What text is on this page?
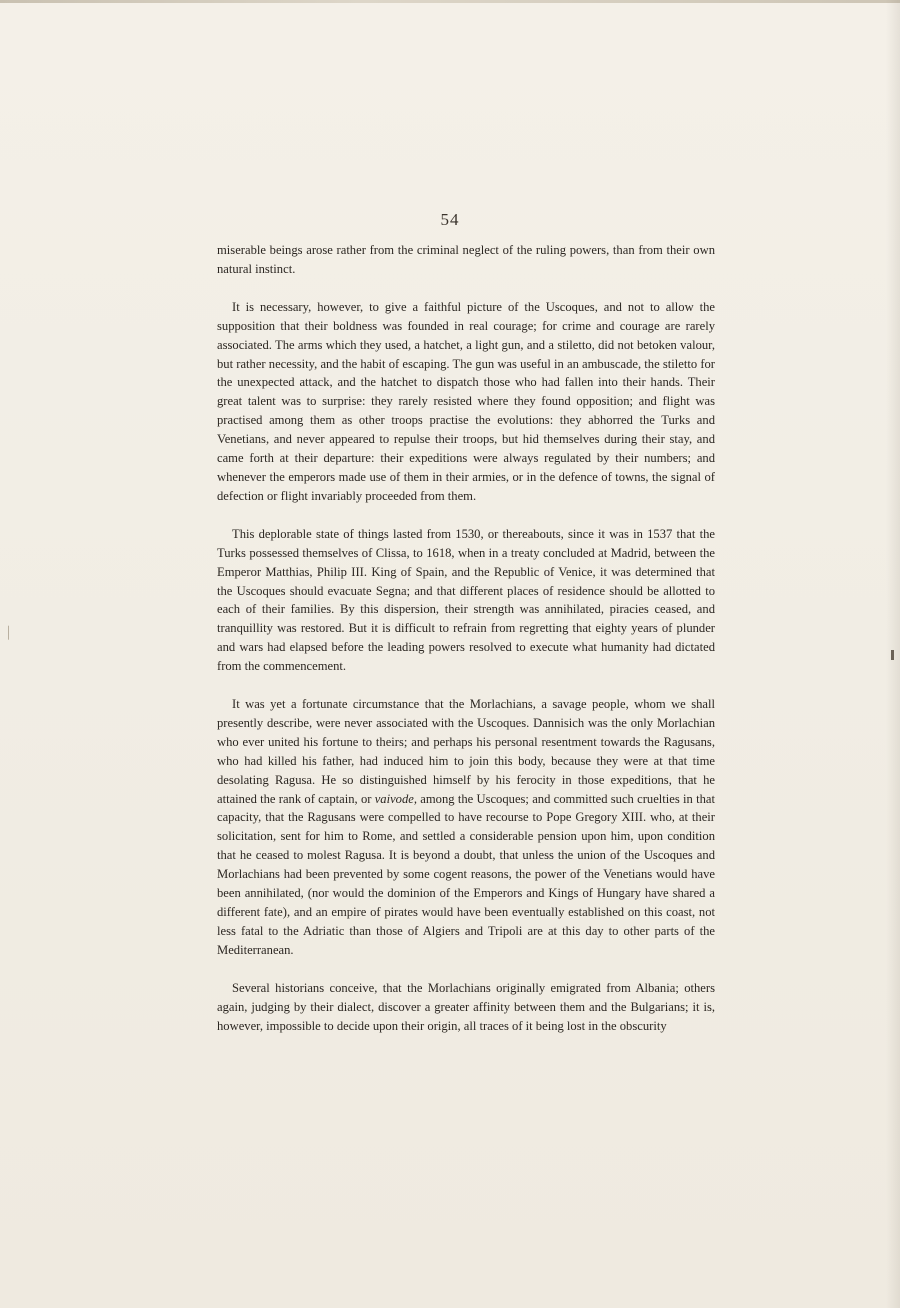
54

miserable beings arose rather from the criminal neglect of the ruling powers, than from their own natural instinct.

It is necessary, however, to give a faithful picture of the Uscoques, and not to allow the supposition that their boldness was founded in real courage; for crime and courage are rarely associated. The arms which they used, a hatchet, a light gun, and a stiletto, did not betoken valour, but rather necessity, and the habit of escaping. The gun was useful in an ambuscade, the stiletto for the unexpected attack, and the hatchet to dispatch those who had fallen into their hands. Their great talent was to surprise: they rarely resisted where they found opposition; and flight was practised among them as other troops practise the evolutions: they abhorred the Turks and Venetians, and never appeared to repulse their troops, but hid themselves during their stay, and came forth at their departure: their expeditions were always regulated by their numbers; and whenever the emperors made use of them in their armies, or in the defence of towns, the signal of defection or flight invariably proceeded from them.

This deplorable state of things lasted from 1530, or thereabouts, since it was in 1537 that the Turks possessed themselves of Clissa, to 1618, when in a treaty concluded at Madrid, between the Emperor Matthias, Philip III. King of Spain, and the Republic of Venice, it was determined that the Uscoques should evacuate Segna; and that different places of residence should be allotted to each of their families. By this dispersion, their strength was annihilated, piracies ceased, and tranquillity was restored. But it is difficult to refrain from regretting that eighty years of plunder and wars had elapsed before the leading powers resolved to execute what humanity had dictated from the commencement.

It was yet a fortunate circumstance that the Morlachians, a savage people, whom we shall presently describe, were never associated with the Uscoques. Dannisich was the only Morlachian who ever united his fortune to theirs; and perhaps his personal resentment towards the Ragusans, who had killed his father, had induced him to join this body, because they were at that time desolating Ragusa. He so distinguished himself by his ferocity in those expeditions, that he attained the rank of captain, or vaivode, among the Uscoques; and committed such cruelties in that capacity, that the Ragusans were compelled to have recourse to Pope Gregory XIII. who, at their solicitation, sent for him to Rome, and settled a considerable pension upon him, upon condition that he ceased to molest Ragusa. It is beyond a doubt, that unless the union of the Uscoques and Morlachians had been prevented by some cogent reasons, the power of the Venetians would have been annihilated, (nor would the dominion of the Emperors and Kings of Hungary have shared a different fate), and an empire of pirates would have been eventually established on this coast, not less fatal to the Adriatic than those of Algiers and Tripoli are at this day to other parts of the Mediterranean.

Several historians conceive, that the Morlachians originally emigrated from Albania; others again, judging by their dialect, discover a greater affinity between them and the Bulgarians; it is, however, impossible to decide upon their origin, all traces of it being lost in the obscurity
